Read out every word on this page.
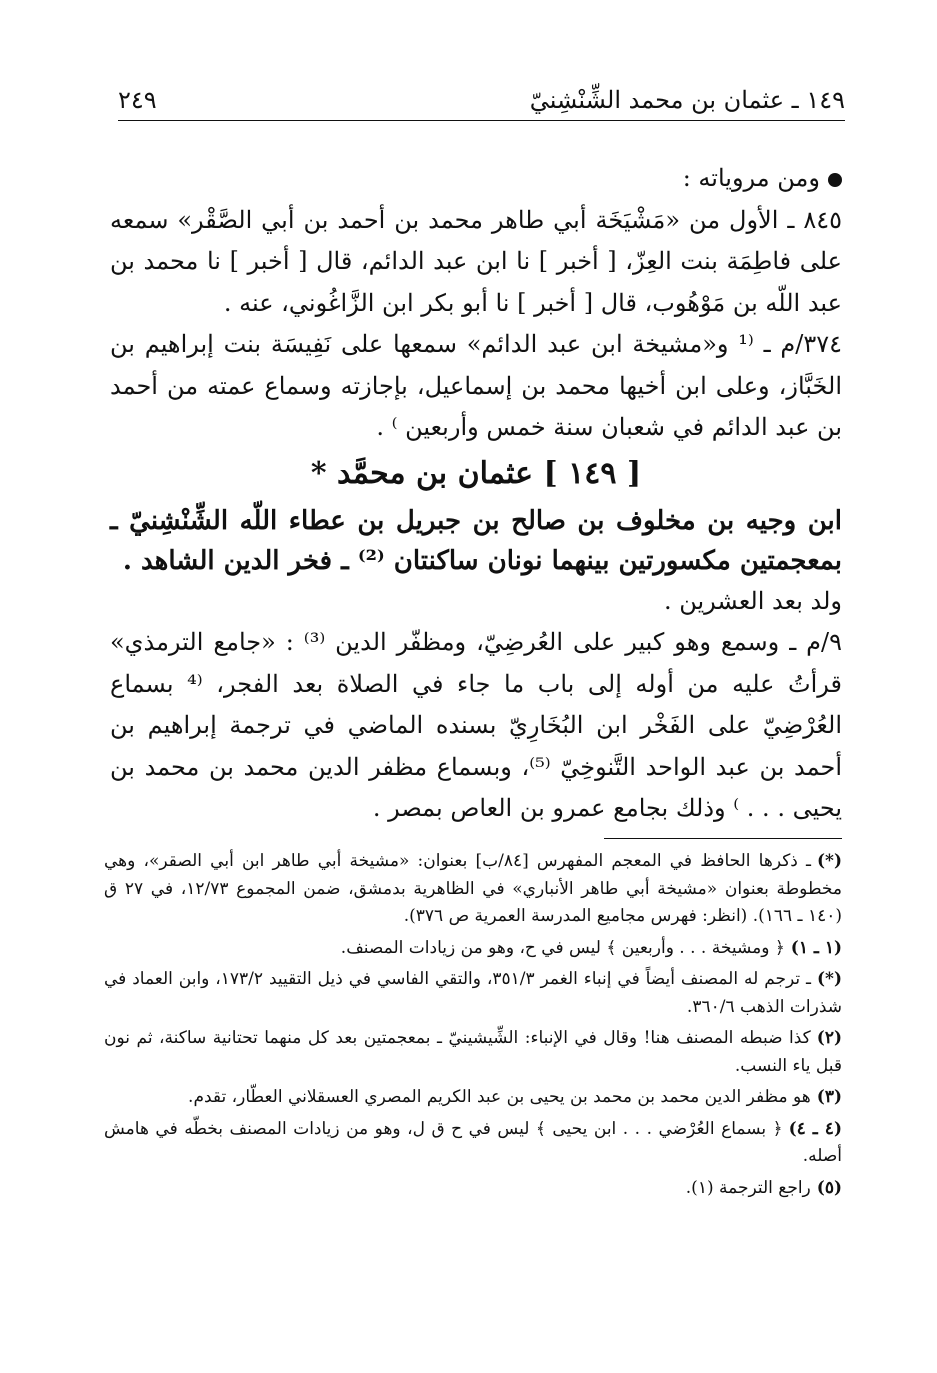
١٤٩ ـ عثمان بن محمد الشِّنْشِنيّ
٢٤٩

ومن مروياته :

٨٤٥ ـ الأول من «مَشْيَخَة أبي طاهر محمد بن أحمد بن أبي الصَّقْر» سمعه على فاطِمَة بنت العِزّ، [ أخبر ] نا ابن عبد الدائم، قال [ أخبر ] نا محمد بن عبد اللّه بن مَوْهُوب، قال [ أخبر ] نا أبو بكر ابن الزَّاغُوني، عنه .

٣٧٤/م ـ ⁽¹ و«مشيخة ابن عبد الدائم» سمعها على نَفِيسَة بنت إبراهيم بن الخَبَّاز، وعلى ابن أخيها محمد بن إسماعيل، بإجازته وسماع عمته من أحمد بن عبد الدائم في شعبان سنة خمس وأربعين ⁾ .

[ ١٤٩ ] عثمان بن محمَّد *

ابن وجيه بن مخلوف بن صالح بن جبريل بن عطاء اللّه الشِّنْشِنيّ ـ بمعجمتين مكسورتين بينهما نونان ساكنتان ⁽²⁾ ـ فخر الدين الشاهد .

ولد بعد العشرين .

٩/م ـ وسمع وهو كبير على العُرضِيّ، ومظفّر الدين ⁽³⁾ : «جامع الترمذي» قرأتُ عليه من أوله إلى باب ما جاء في الصلاة بعد الفجر، ⁽⁴ بسماع العُرْضِيّ على الفَخْر ابن البُخَارِيّ بسنده الماضي في ترجمة إبراهيم بن أحمد بن عبد الواحد التَّنوخِيّ ⁽⁵⁾، وبسماع مظفر الدين محمد بن محمد بن يحيى . . . ⁾ وذلك بجامع عمرو بن العاص بمصر .

(*)ـ ذكرها الحافظ في المعجم المفهرس [٨٤/ب] بعنوان: «مشيخة أبي طاهر ابن أبي الصقر»، وهي مخطوطة بعنوان «مشيخة أبي طاهر الأنباري» في الظاهرية بدمشق، ضمن المجموع ١٢/٧٣، في ٢٧ ق (١٤٠ ـ ١٦٦). (انظر: فهرس مجاميع المدرسة العمرية ص ٣٧٦).

(١ ـ ١)﴿ ومشيخة . . . وأربعين ﴾ ليس في ح، وهو من زيادات المصنف.

(*)ـ ترجم له المصنف أيضاً في إنباء الغمر ٣٥١/٣، والتقي الفاسي في ذيل التقييد ١٧٣/٢، وابن العماد في شذرات الذهب ٣٦٠/٦.

(٢)كذا ضبطه المصنف هنا! وقال في الإنباء: الشِّيشينيّ ـ بمعجمتين بعد كل منهما تحتانية ساكنة، ثم نون قبل ياء النسب.

(٣)هو مظفر الدين محمد بن محمد بن يحيى بن عبد الكريم المصري العسقلاني العطّار، تقدم.

(٤ ـ ٤)﴿ بسماع العُرْضي . . . ابن يحيى ﴾ ليس في ح ق ل، وهو من زيادات المصنف بخطّه في هامش أصله.

(٥)راجع الترجمة (١).
